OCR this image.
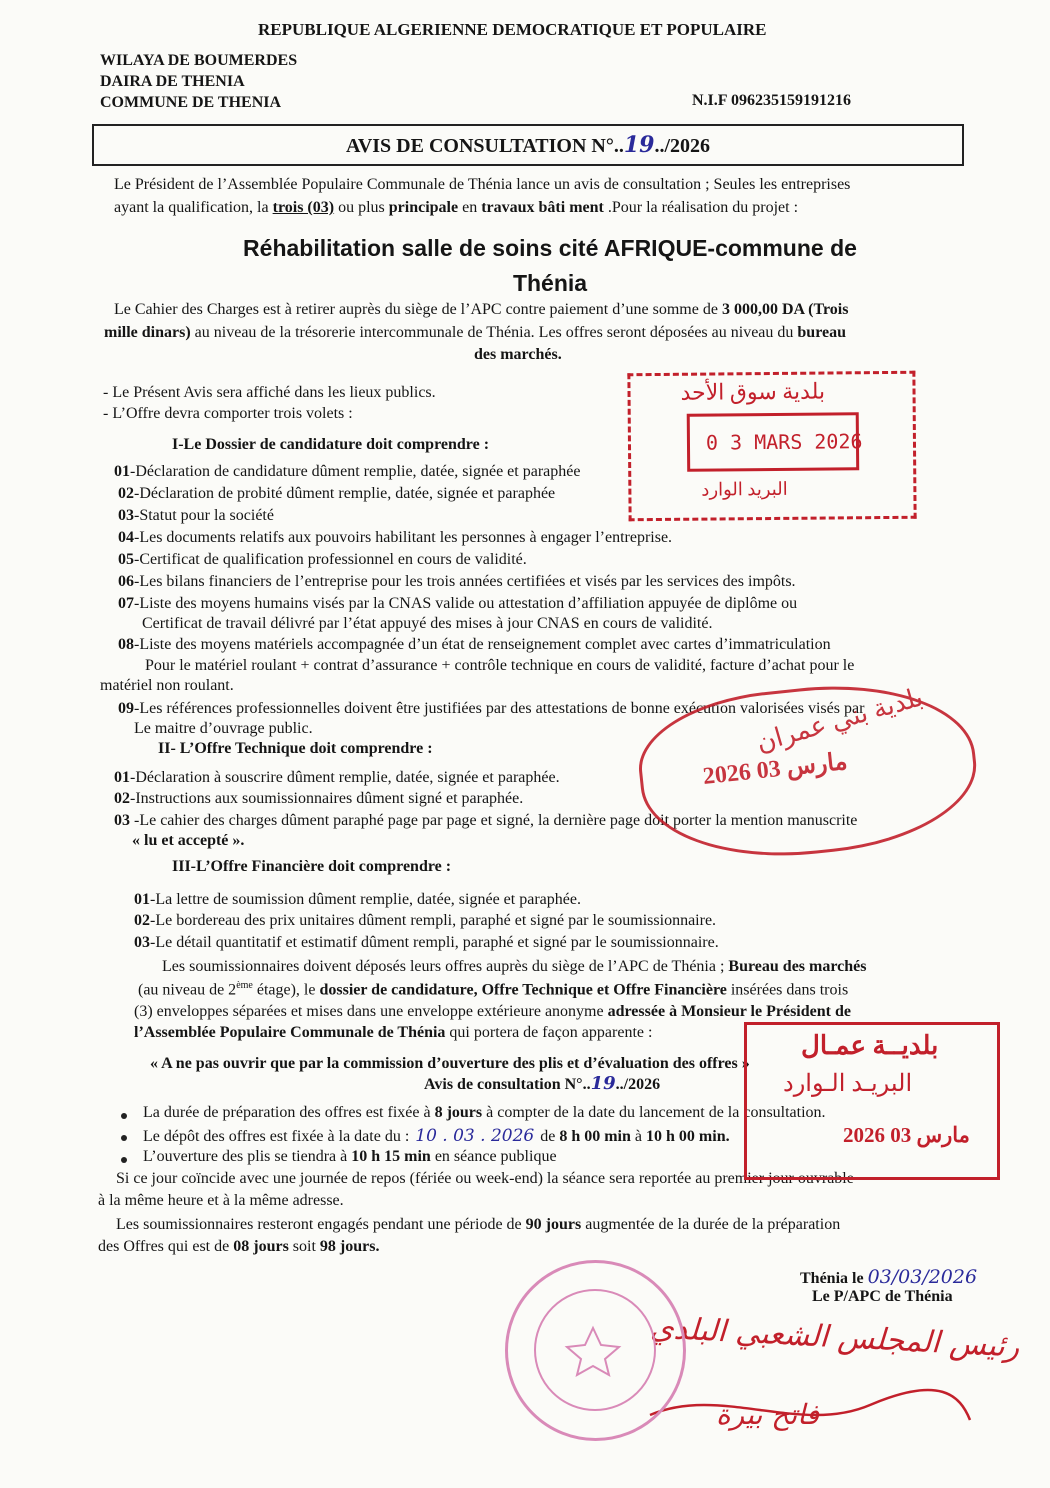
REPUBLIQUE ALGERIENNE DEMOCRATIQUE ET POPULAIRE
WILAYA DE BOUMERDES
DAIRA DE THENIA
COMMUNE DE THENIA	N.I.F 096235159191216
AVIS DE CONSULTATION N°..19../2026
Le Président de l’Assemblée Populaire Communale de Thénia lance un avis de consultation ; Seules les entreprises
ayant la qualification, la trois (03) ou plus principale en travaux bâti ment .Pour la réalisation du projet :
Réhabilitation salle de soins cité AFRIQUE-commune de
Thénia
Le Cahier des Charges est à retirer auprès du siège de l’APC contre paiement d’une somme de 3 000,00 DA (Trois
mille dinars) au niveau de la trésorerie intercommunale de Thénia. Les offres seront déposées au niveau du bureau
des marchés.
- Le Présent Avis sera affiché dans les lieux publics.
- L’Offre devra comporter trois volets :
I-Le Dossier de candidature doit comprendre :
01-Déclaration de candidature dûment remplie, datée, signée et paraphée
02-Déclaration de probité dûment remplie, datée, signée et paraphée
03-Statut pour la société
04-Les documents relatifs aux pouvoirs habilitant les personnes à engager l’entreprise.
05-Certificat de qualification professionnel en cours de validité.
06-Les bilans financiers de l’entreprise pour les trois années certifiées et visés par les services des impôts.
07-Liste des moyens humains visés par la CNAS valide ou attestation d’affiliation appuyée de diplôme ou
Certificat de travail délivré par l’état appuyé des mises à jour CNAS en cours de validité.
08-Liste des moyens matériels accompagnée d’un état de renseignement complet avec cartes d’immatriculation
Pour le matériel roulant + contrat d’assurance + contrôle technique en cours de validité, facture d’achat pour le
matériel non roulant.
09-Les références professionnelles doivent être justifiées par des attestations de bonne exécution valorisées visés par
Le maitre d’ouvrage public.
II- L’Offre Technique doit comprendre :
01-Déclaration à souscrire dûment remplie, datée, signée et paraphée.
02-Instructions aux soumissionnaires dûment signé et paraphée.
03 -Le cahier des charges dûment paraphé page par page et signé, la dernière page doit porter la mention manuscrite
« lu et accepté ».
III-L’Offre Financière doit comprendre :
01-La lettre de soumission dûment remplie, datée, signée et paraphée.
02-Le bordereau des prix unitaires dûment rempli, paraphé et signé par le soumissionnaire.
03-Le détail quantitatif et estimatif dûment rempli, paraphé et signé par le soumissionnaire.
Les soumissionnaires doivent déposés leurs offres auprès du siège de l’APC de Thénia ; Bureau des marchés
(au niveau de 2ème étage), le dossier de candidature, Offre Technique et Offre Financière insérées dans trois
(3) enveloppes séparées et mises dans une enveloppe extérieure anonyme adressée à Monsieur le Président de
l’Assemblée Populaire Communale de Thénia qui portera de façon apparente :
« A ne pas ouvrir que par la commission d’ouverture des plis et d’évaluation des offres »
Avis de consultation N°..19../2026
La durée de préparation des offres est fixée à 8 jours à compter de la date du lancement de la consultation.
Le dépôt des offres est fixée à la date du : 10 . 03 . 2026 de 8 h 00 min à 10 h 00 min.
L’ouverture des plis se tiendra à 10 h 15 min en séance publique
Si ce jour coïncide avec une journée de repos (fériée ou week-end) la séance sera reportée au premier jour ouvrable
à la même heure et à la même adresse.
Les soumissionnaires resteront engagés pendant une période de 90 jours augmentée de la durée de la préparation
des Offres qui est de 08 jours soit 98 jours.
Thénia le 03/03/2026
Le P/APC de Thénia
رئيس المجلس الشعبي البلدي
فاتح بيرة
بلدية سوق الأحد
0 3 MARS 2026
البريد الوارد
بلدية بني عمران
2026 مارس 03
بلديــة عمـال
البريـد الـوارد
2026 مارس 03
